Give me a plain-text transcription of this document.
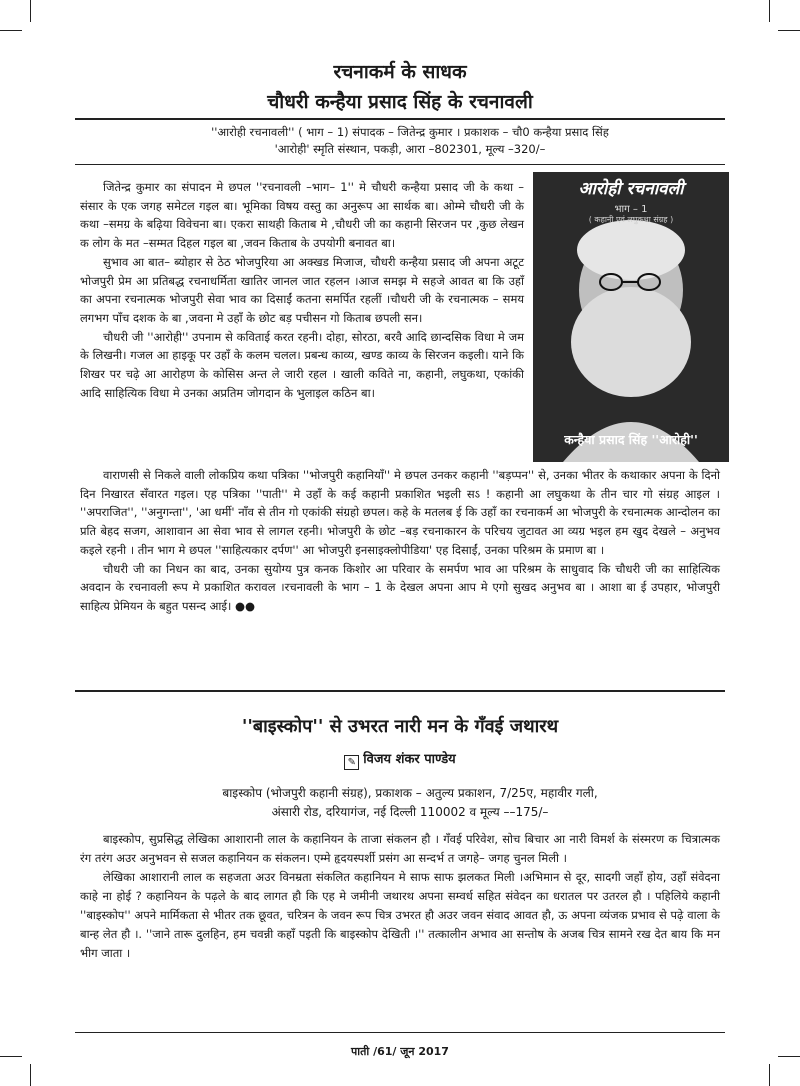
रचनाकर्म के साधक
चौधरी कन्हैया प्रसाद सिंह के रचनावली
''आरोही रचनावली'' ( भाग – 1) संपादक – जितेन्द्र कुमार । प्रकाशक – चौ0 कन्हैया प्रसाद सिंह
'आरोही' स्मृति संस्थान, पकड़ी, आरा –802301, मूल्य –320/–
आरोही रचनावली
भाग – 1
( कहानी एवं लघुकथा संग्रह )
कन्हैया प्रसाद सिंह ''आरोही''

जितेन्द्र कुमार का संपादन मे छपल ''रचनावली –भाग– 1'' मे चौधरी कन्हैया प्रसाद जी के कथा – संसार के एक जगह समेटल गइल बा। भूमिका विषय वस्तु का अनुरूप आ सार्थक बा। ओम्मे चौधरी जी के कथा –समग्र के बढ़िया विवेचना बा। एकरा साथही किताब मे ,चौधरी जी का कहानी सिरजन पर ,कुछ लेखन क लोग के मत –सम्मत दिहल गइल बा ,जवन किताब के उपयोगी बनावत बा।

सुभाव आ बात– ब्योहार से ठेठ भोजपुरिया आ अक्खड मिजाज, चौधरी कन्हैया प्रसाद जी अपना अटूट भोजपुरी प्रेम आ प्रतिबद्ध रचनाधर्मिता खातिर जानल जात रहलन ।आज समझ मे सहजे आवत बा कि उहाँ का अपना रचनात्मक भोजपुरी सेवा भाव का दिसाईं कतना समर्पित रहलीं ।चौधरी जी के रचनात्मक – समय लगभग पाँच दशक के बा ,जवना मे उहाँ के छोट बड़ पचीसन गो किताब छपली सन।

चौधरी जी ''आरोही'' उपनाम से कविताई करत रहनी। दोहा, सोरठा, बरवै आदि छान्दसिक विधा मे जम के लिखनी। गजल आ हाइकू पर उहाँ के कलम चलल। प्रबन्ध काव्य, खण्ड काव्य के सिरजन कइली। याने कि शिखर पर चढ़े आ आरोहण के कोसिस अन्त ले जारी रहल । खाली कविते ना, कहानी, लघुकथा, एकांकी आदि साहित्यिक विधा मे उनका अप्रतिम जोगदान के भुलाइल कठिन बा।

वाराणसी से निकले वाली लोकप्रिय कथा पत्रिका ''भोजपुरी कहानियाँ'' मे छपल उनकर कहानी ''बड़प्पन'' से, उनका भीतर के कथाकार अपना के दिनो दिन निखारत सँवारत गइल। एह पत्रिका ''पाती'' मे उहाँ के कई कहानी प्रकाशित भइली सऽ ! कहानी आ लघुकथा के तीन चार गो संग्रह आइल । ''अपराजित'', ''अनुगन्ता'', 'आ धर्मी' नाँव से तीन गो एकांकी संग्रहो छपल। कहे के मतलब ई कि उहाँ का रचनाकर्म आ भोजपुरी के रचनात्मक आन्दोलन का प्रति बेहद सजग, आशावान आ सेवा भाव से लागल रहनी। भोजपुरी के छोट –बड़ रचनाकारन के परिचय जुटावत आ व्यग्र भइल हम खुद देखले – अनुभव कइले रहनी । तीन भाग मे छपल ''साहित्यकार दर्पण'' आ भोजपुरी इनसाइक्लोपीडिया' एह दिसाईं, उनका परिश्रम के प्रमाण बा ।

चौधरी जी का निधन का बाद, उनका सुयोग्य पुत्र कनक किशोर आ परिवार के समर्पण भाव आ परिश्रम के साधुवाद कि चौधरी जी का साहित्यिक अवदान के रचनावली रूप मे प्रकाशित करावल ।रचनावली के भाग – 1 के देखल अपना आप मे एगो सुखद अनुभव बा । आशा बा ई उपहार, भोजपुरी साहित्य प्रेमियन के बहुत पसन्द आई। ●●

''बाइस्कोप'' से उभरत नारी मन के गँवई जथारथ
✎ विजय शंकर पाण्डेय
बाइस्कोप (भोजपुरी कहानी संग्रह), प्रकाशक – अतुल्य प्रकाशन, 7/25ए, महावीर गली,
अंसारी रोड, दरियागंज, नई दिल्ली 110002 व मूल्य ––175/–

बाइस्कोप, सुप्रसिद्ध लेखिका आशारानी लाल के कहानियन के ताजा संकलन हौ । गँवई परिवेश, सोच बिचार आ नारी विमर्श के संस्मरण क चित्रात्मक रंग तरंग अउर अनुभवन से सजल कहानियन क संकलन। एम्मे हृदयस्पर्शी प्रसंग आ सन्दर्भ त जगहे– जगह चुनल मिली ।

लेखिका आशारानी लाल क सहजता अउर विनम्रता संकलित कहानियन मे साफ साफ झलकत मिली ।अभिमान से दूर, सादगी जहाँ होय, उहाँ संवेदना काहे ना होई ? कहानियन के पढ़ले के बाद लागत हौ कि एह मे जमीनी जथारथ अपना सम्वर्ध सहित संवेदन का धरातल पर उतरल हौ । पहिलिये कहानी ''बाइस्कोप'' अपने मार्मिकता से भीतर तक छूवत, चरित्रन के जवन रूप चित्र उभरत हौ अउर जवन संवाद आवत हौ, ऊ अपना व्यंजक प्रभाव से पढ़े वाला के बान्ह लेत हौ ।. ''जाने तारू दुलहिन, हम चवन्नी कहाँ पइती कि बाइस्कोप देखिती ।'' तत्कालीन अभाव आ सन्तोष के अजब चित्र सामने रख देत बाय कि मन भीग जाता ।

पाती /61/ जून 2017
